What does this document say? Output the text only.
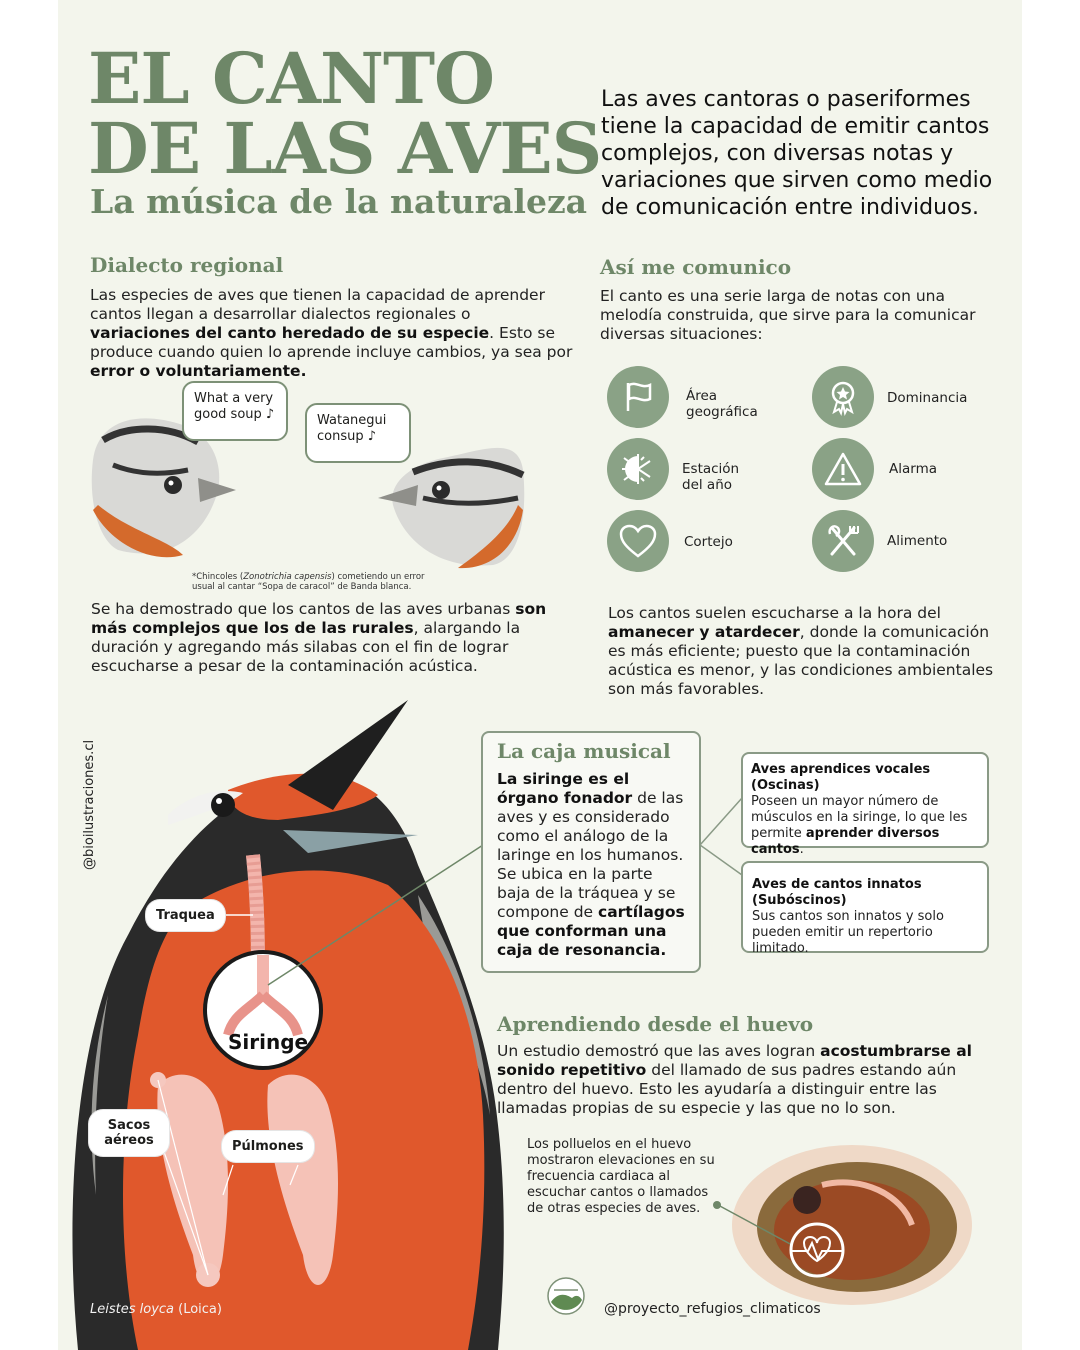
EL CANTO
DE LAS AVES
La música de la naturaleza
Las aves cantoras o paseriformes tiene la capacidad de emitir cantos complejos, con diversas notas y variaciones que sirven como medio de comunicación entre individuos.
Dialecto regional
Las especies de aves que tienen la capacidad de aprender cantos llegan a desarrollar dialectos regionales o variaciones del canto heredado de su especie. Esto se produce cuando quien lo aprende incluye cambios, ya sea por error o voluntariamente.
What a very good soup ♪	Watanegui consup ♪
*Chincoles (Zonotrichia capensis) cometiendo un error usual al cantar “Sopa de caracol” de Banda blanca.
Se ha demostrado que los cantos de las aves urbanas son más complejos que los de las rurales, alargando la duración y agregando más silabas con el fin de lograr escucharse a pesar de la contaminación acústica.
Así me comunico
El canto es una serie larga de notas con una melodía construida, que sirve para la comunicar diversas situaciones:
Área geográfica
Dominancia
Estación del año
Alarma
Cortejo	Alimento
Los cantos suelen escucharse a la hora del amanecer y atardecer, donde la comunicación es más eficiente; puesto que la contaminación acústica es menor, y las condiciones ambientales son más favorables.
Traquea
Siringe
Sacos aéreos	Púlmones
@bioilustraciones.cl
Leistes loyca (Loica)
La caja musical
La siringe es el órgano fonador de las aves y es considerado como el análogo de la laringe en los humanos.
Se ubica en la parte baja de la tráquea y se compone de cartílagos que conforman una caja de resonancia.
Aves aprendices vocales (Oscinas)
Poseen un mayor número de músculos en la siringe, lo que les permite aprender diversos cantos.
Aves de cantos innatos (Subóscinos)
Sus cantos son innatos y solo pueden emitir un repertorio limitado.
Aprendiendo desde el huevo
Un estudio demostró que las aves logran acostumbrarse al sonido repetitivo del llamado de sus padres estando aún dentro del huevo. Esto les ayudaría a distinguir entre las llamadas propias de su especie y las que no lo son.
Los polluelos en el huevo mostraron elevaciones en su frecuencia cardiaca al escuchar cantos o llamados de otras especies de aves.
@proyecto_refugios_climaticos
